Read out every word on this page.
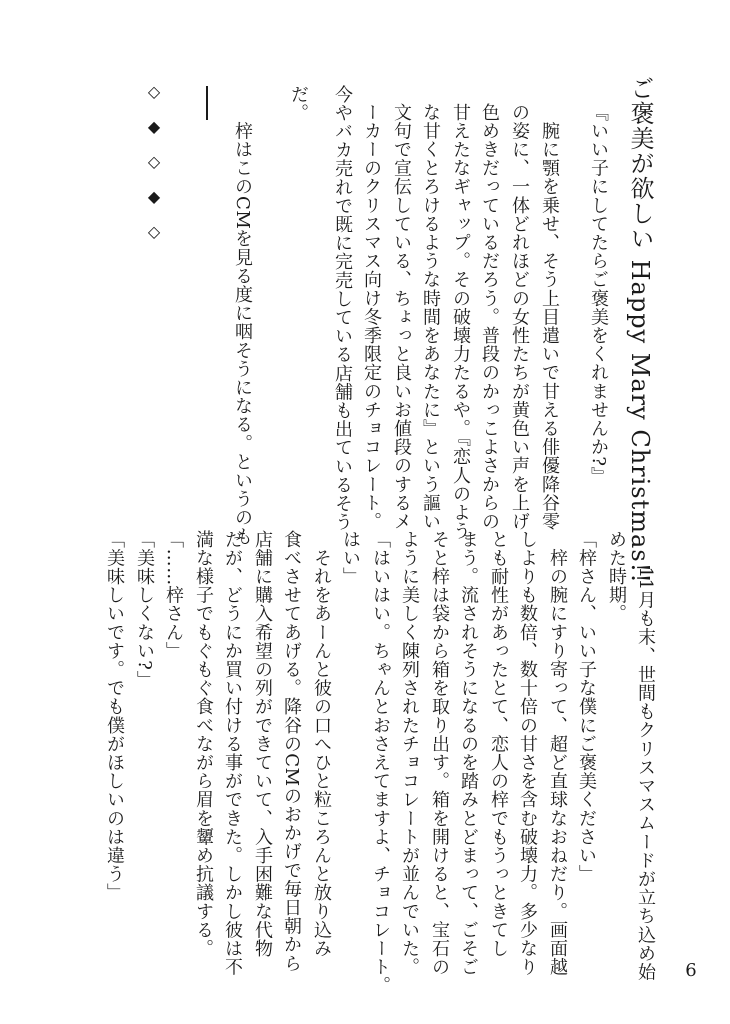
ご褒美が欲しい Happy Mary Christmas!!
『いい子にしてたらご褒美をくれませんか?』
　腕に顎を乗せ、そう上目遣いで甘える俳優降谷零
の姿に、一体どれほどの女性たちが黄色い声を上げ
色めきだっているだろう。普段のかっこよさからの
甘えたなギャップ。その破壊力たるや。『恋人のよう
な甘くとろけるような時間をあなたに』という謳い
文句で宣伝している、ちょっと良いお値段のするメ
ーカーのクリスマス向け冬季限定のチョコレート。
今やバカ売れで既に完売している店舗も出ているそう
だ。
　梓はこのCMを見る度に咽そうになる。というのも
◇
◆
◇
◆
◇
　11月も末、世間もクリスマスムードが立ち込め始
めた時期。
「梓さん、いい子な僕にご褒美ください」
　梓の腕にすり寄って、超ど直球なおねだり。画面越
しよりも数倍、数十倍の甘さを含む破壊力。多少なり
とも耐性があったとて、恋人の梓でもうっときてし
まう。流されそうになるのを踏みとどまって、ごそご
そと梓は袋から箱を取り出す。箱を開けると、宝石の
ように美しく陳列されたチョコレートが並んでいた。
「はいはい。ちゃんとおさえてますよ、チョコレート。
はい」
　それをあーんと彼の口へひと粒ころんと放り込み
食べさせてあげる。降谷のCMのおかげで毎日朝から
店舗に購入希望の列ができていて、入手困難な代物
だが、どうにか買い付ける事ができた。しかし彼は不
満な様子でもぐもぐ食べながら眉を顰め抗議する。
「……梓さん」
「美味しくない?」
「美味しいです。でも僕がほしいのは違う」
6
